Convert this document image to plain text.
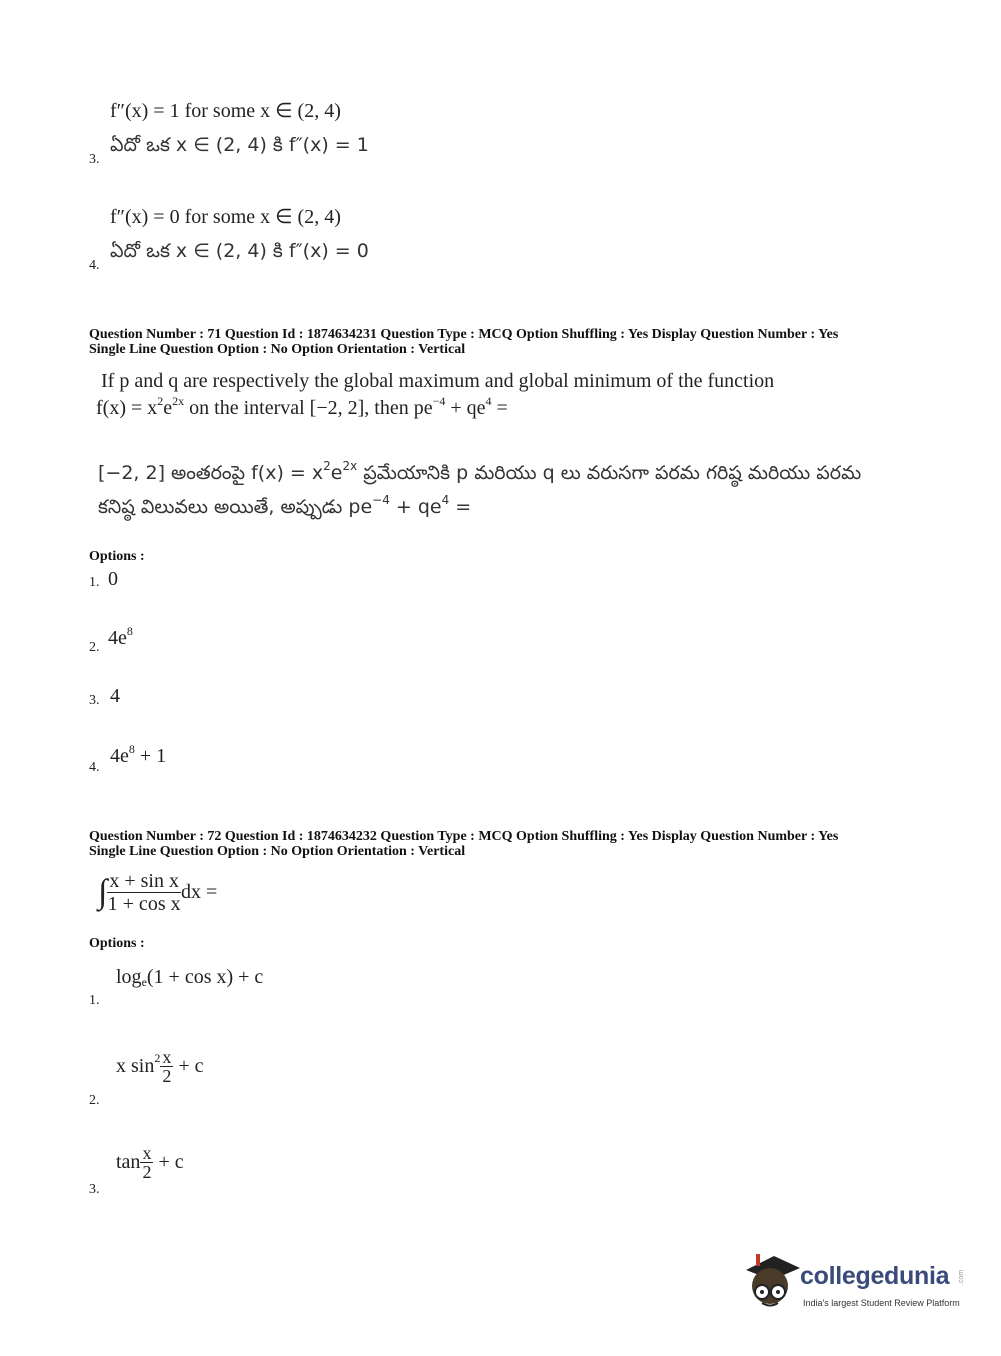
f″(x) = 1 for some x ∈ (2, 4)
ఏదో ఒక x ∈ (2, 4) కి f″(x) = 1
3.
f″(x) = 0 for some x ∈ (2, 4)
ఏదో ఒక x ∈ (2, 4) కి f″(x) = 0
4.
Question Number : 71 Question Id : 1874634231 Question Type : MCQ Option Shuffling : Yes Display Question Number : Yes
Single Line Question Option : No Option Orientation : Vertical
If p and q are respectively the global maximum and global minimum of the function
$f(x) = x^2e^{2x}$ on the interval [−2, 2], then $pe^{-4} + qe^4$ =
[−2, 2] అంతరంపై $f(x) = x^2e^{2x}$ ప్రమేయానికి p మరియు q లు వరుసగా పరమ గరిష్ఠ మరియు పరమ
కనిష్ఠ విలువలు అయితే, అప్పుడు $pe^{-4} + qe^4$ =
Options :
1. 0
2. $4e^8$
3. 4
4.
$4e^8 + 1$
Question Number : 72 Question Id : 1874634232 Question Type : MCQ Option Shuffling : Yes Display Question Number : Yes
Single Line Question Option : No Option Orientation : Vertical
∫ $\frac{\text{x + sin x}}{\text{1 + cos x}}$ dx =
Options :
$\log_e(1 + \cos x) + c$
1.
x $\sin^2 \frac{x}{2} + c$
2.
$\tan \frac{x}{2} + c$
3.
collegedunia
India's largest Student Review Platform
.com
